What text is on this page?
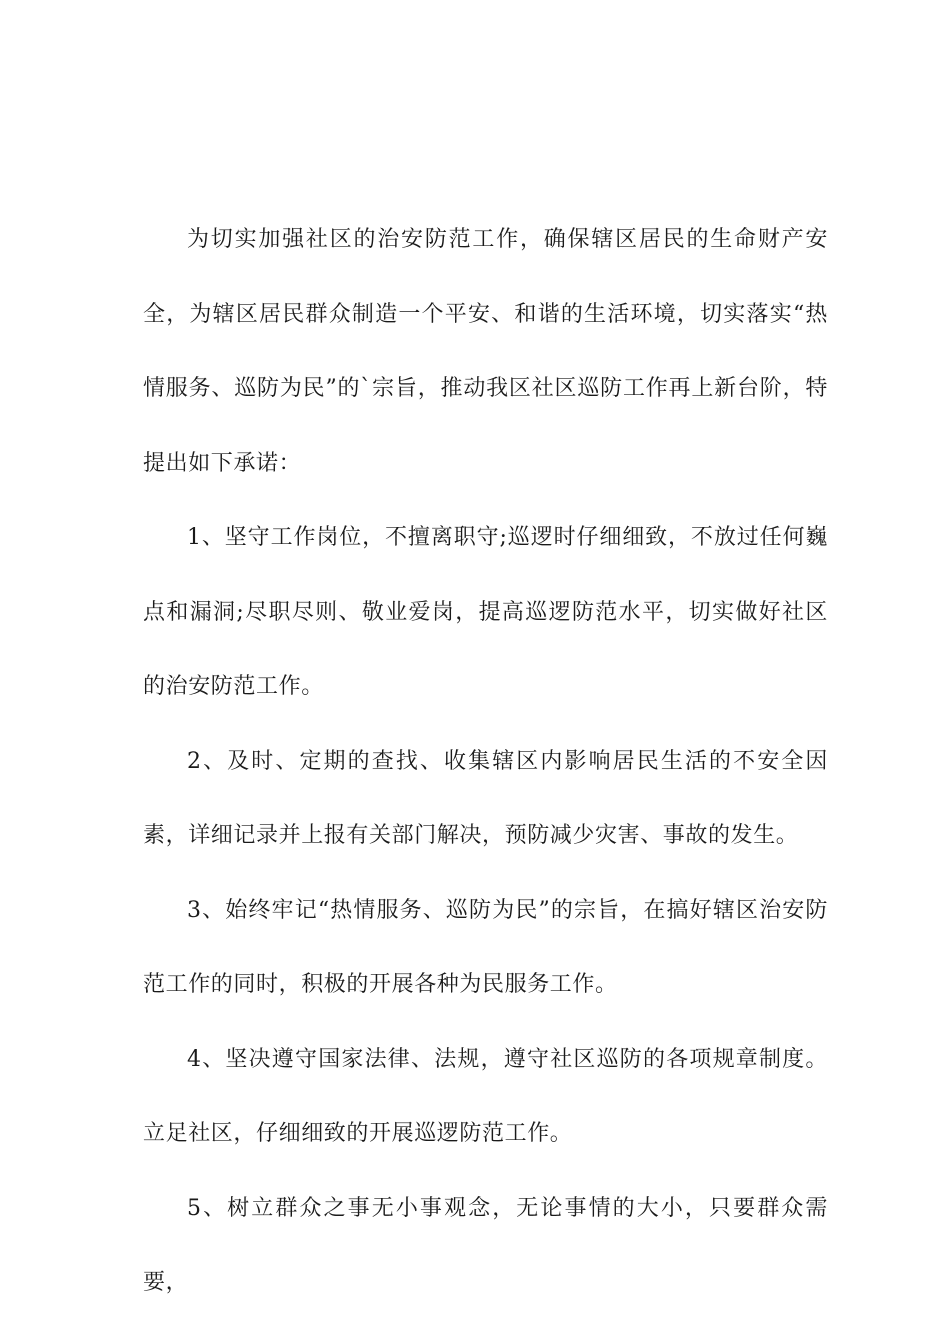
为切实加强社区的治安防范工作，确保辖区居民的生命财产安全，为辖区居民群众制造一个平安、和谐的生活环境，切实落实“热情服务、巡防为民”的`宗旨，推动我区社区巡防工作再上新台阶，特提出如下承诺：

1、坚守工作岗位，不擅离职守;巡逻时仔细细致，不放过任何巍点和漏洞;尽职尽则、敬业爱岗，提高巡逻防范水平，切实做好社区的治安防范工作。

2、及时、定期的查找、收集辖区内影响居民生活的不安全因素，详细记录并上报有关部门解决，预防减少灾害、事故的发生。

3、始终牢记“热情服务、巡防为民”的宗旨，在搞好辖区治安防范工作的同时，积极的开展各种为民服务工作。

4、坚决遵守国家法律、法规，遵守社区巡防的各项规章制度。立足社区，仔细细致的开展巡逻防范工作。

5、树立群众之事无小事观念，无论事情的大小，只要群众需要，
